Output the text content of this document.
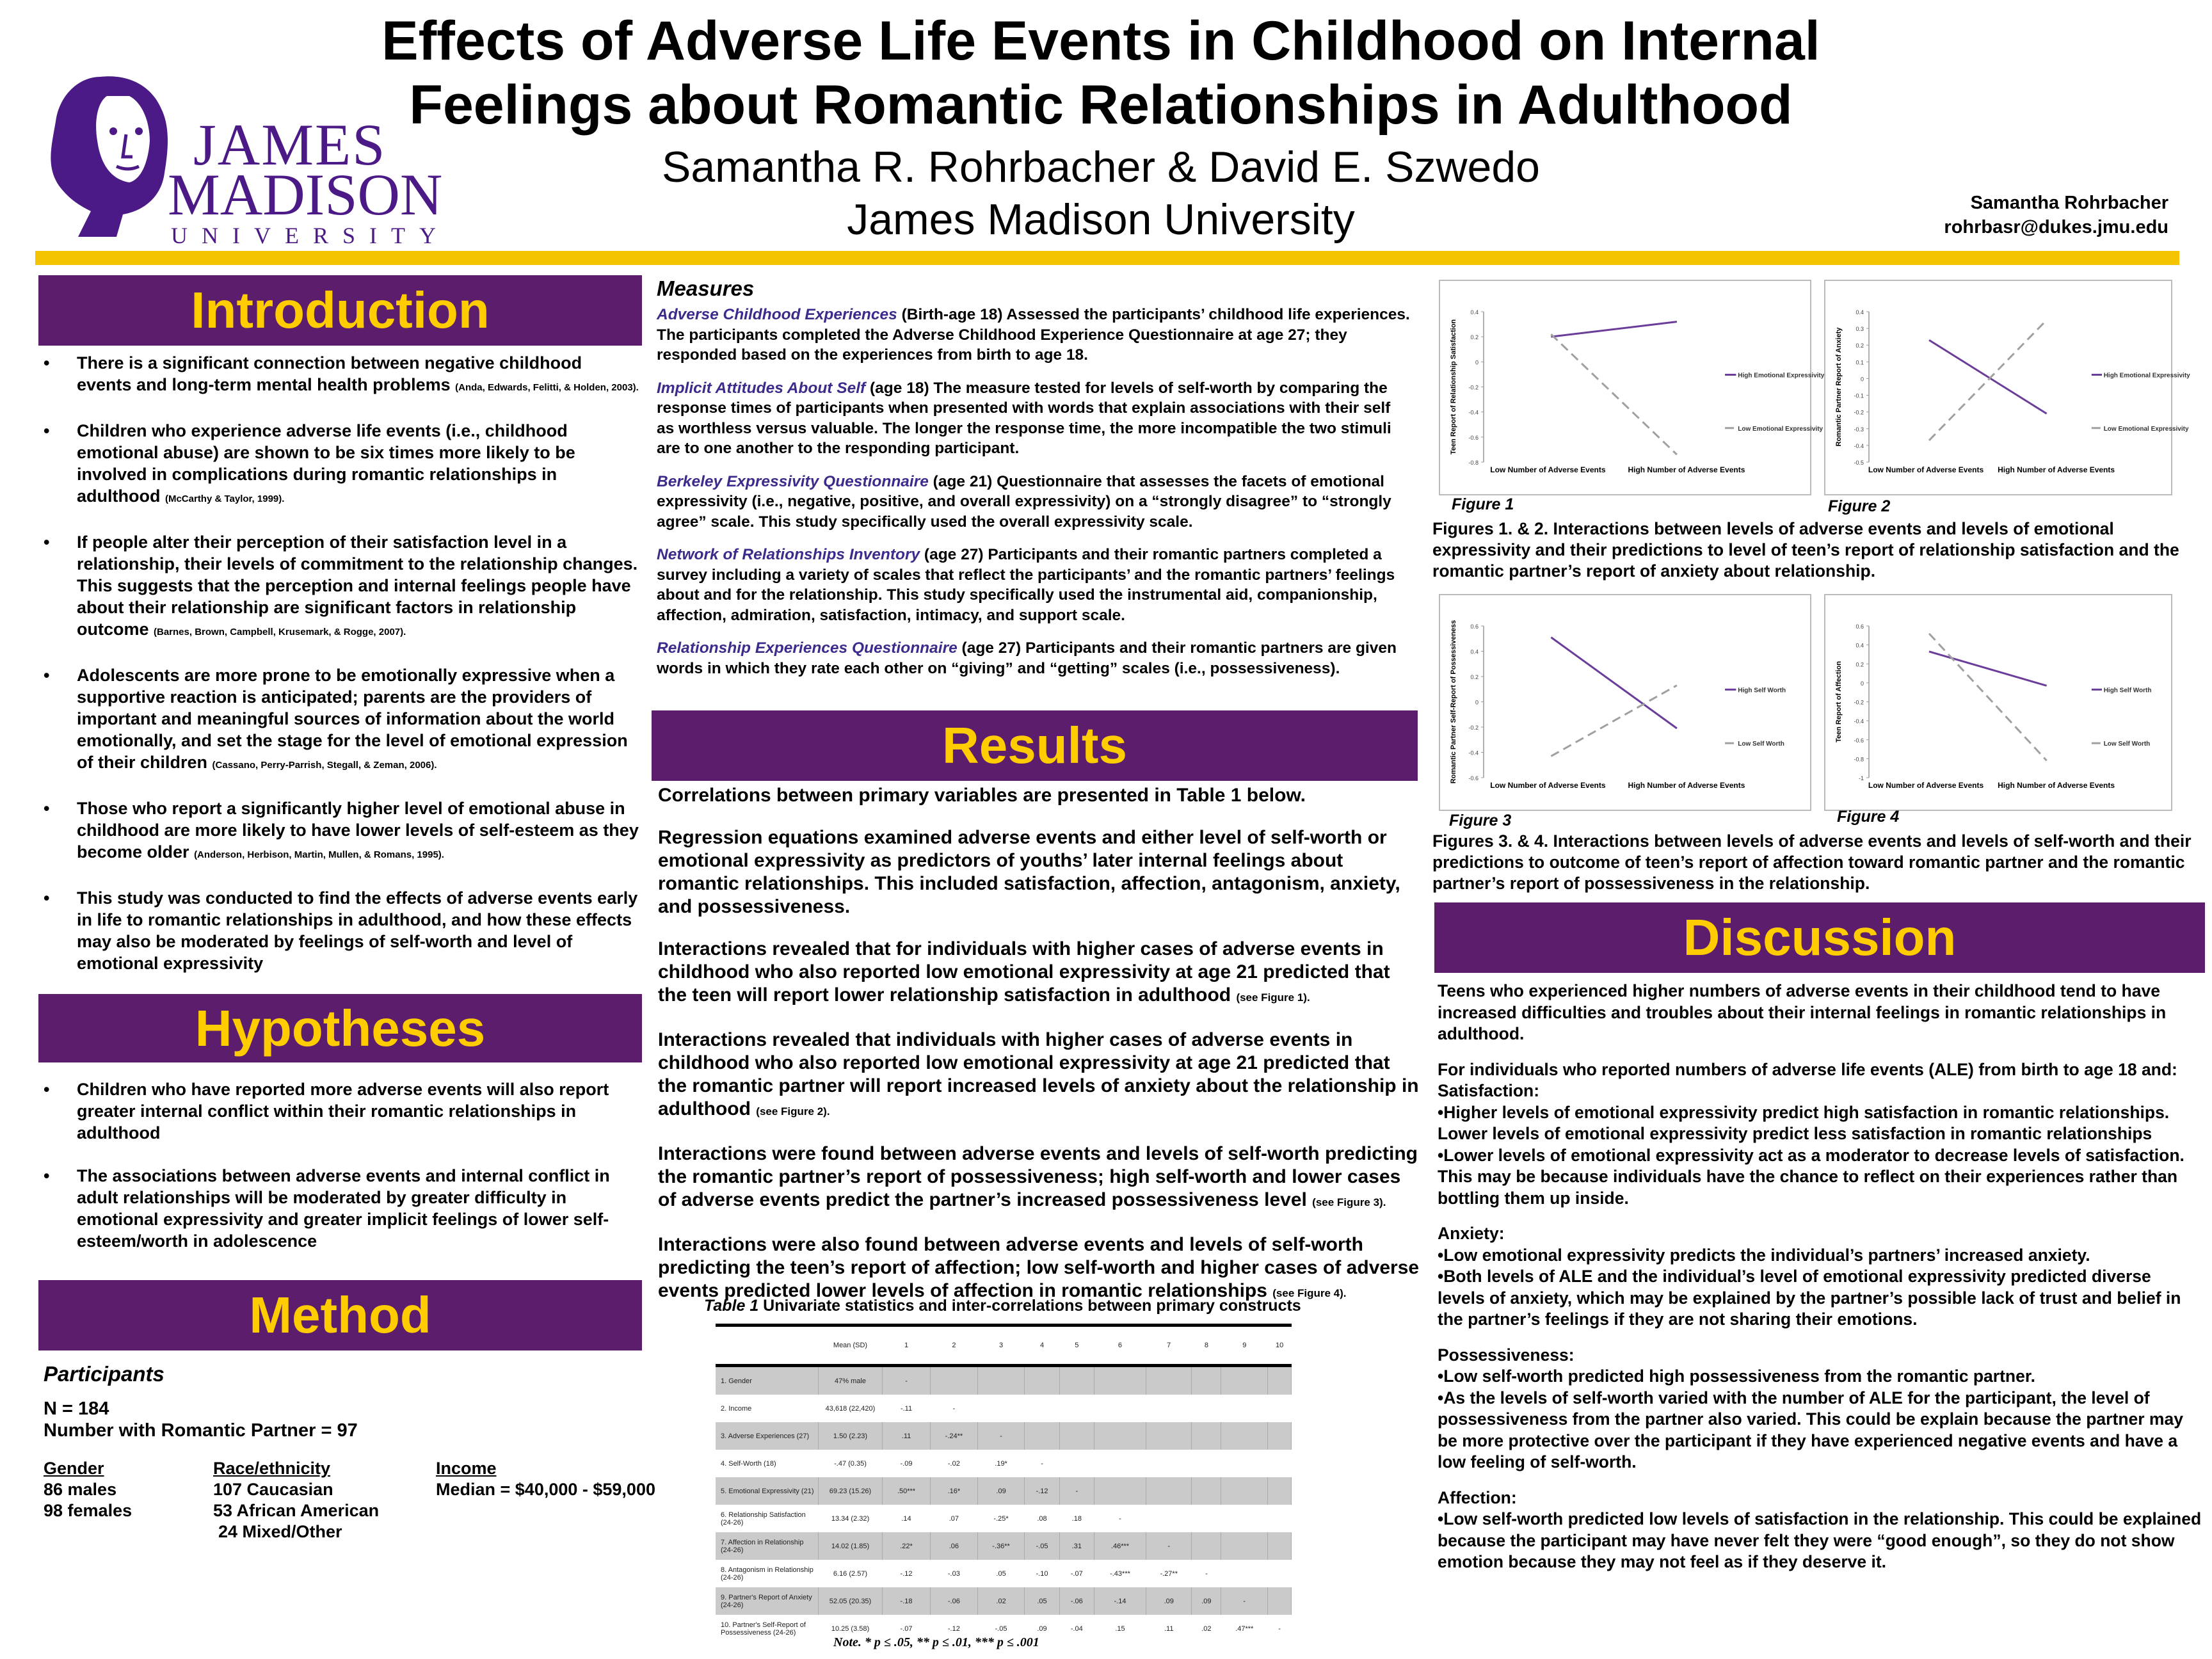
JAMES
MADISON
UNIVERSITY
Effects of Adverse Life Events in Childhood on Internal
Feelings about Romantic Relationships in Adulthood
Samantha R. Rohrbacher & David E. Szwedo
James Madison University	Samantha Rohrbacher
rohrbasr@dukes.jmu.edu
Introduction
• There is a significant connection between negative childhood events and long-term mental health problems (Anda, Edwards, Felitti, & Holden, 2003).
• Children who experience adverse life events (i.e., childhood emotional abuse) are shown to be six times more likely to be involved in complications during romantic relationships in adulthood (McCarthy & Taylor, 1999).
• If people alter their perception of their satisfaction level in a relationship, their levels of commitment to the relationship changes. This suggests that the perception and internal feelings people have about their relationship are significant factors in relationship outcome (Barnes, Brown, Campbell, Krusemark, & Rogge, 2007).
• Adolescents are more prone to be emotionally expressive when a supportive reaction is anticipated; parents are the providers of important and meaningful sources of information about the world emotionally, and set the stage for the level of emotional expression of their children (Cassano, Perry-Parrish, Stegall, & Zeman, 2006).
• Those who report a significantly higher level of emotional abuse in childhood are more likely to have lower levels of self-esteem as they become older (Anderson, Herbison, Martin, Mullen, & Romans, 1995).
• This study was conducted to find the effects of adverse events early in life to romantic relationships in adulthood, and how these effects may also be moderated by feelings of self-worth and level of emotional expressivity
Hypotheses
• Children who have reported more adverse events will also report greater internal conflict within their romantic relationships in adulthood
• The associations between adverse events and internal conflict in adult relationships will be moderated by greater difficulty in emotional expressivity and greater implicit feelings of lower self-esteem/worth in adolescence
Method
Participants
N = 184
Number with Romantic Partner = 97
Gender
86 males
98 females
Race/ethnicity
107 Caucasian
53 African American
24 Mixed/Other
Income
Median = $40,000 - $59,000
Measures

Adverse Childhood Experiences (Birth-age 18) Assessed the participants’ childhood life experiences. The participants completed the Adverse Childhood Experience Questionnaire at age 27; they responded based on the experiences from birth to age 18.

Implicit Attitudes About Self (age 18) The measure tested for levels of self-worth by comparing the response times of participants when presented with words that explain associations with their self as worthless versus valuable. The longer the response time, the more incompatible the two stimuli are to one another to the responding participant.

Berkeley Expressivity Questionnaire (age 21) Questionnaire that assesses the facets of emotional expressivity (i.e., negative, positive, and overall expressivity) on a “strongly disagree” to “strongly agree” scale. This study specifically used the overall expressivity scale.

Network of Relationships Inventory (age 27) Participants and their romantic partners completed a survey including a variety of scales that reflect the participants’ and the romantic partners’ feelings about and for the relationship. This study specifically used the instrumental aid, companionship, affection, admiration, satisfaction, intimacy, and support scale.

Relationship Experiences Questionnaire (age 27) Participants and their romantic partners are given words in which they rate each other on “giving” and “getting” scales (i.e., possessiveness).

Results

Correlations between primary variables are presented in Table 1 below.

Regression equations examined adverse events and either level of self-worth or emotional expressivity as predictors of youths’ later internal feelings about romantic relationships. This included satisfaction, affection, antagonism, anxiety, and possessiveness.

Interactions revealed that for individuals with higher cases of adverse events in childhood who also reported low emotional expressivity at age 21 predicted that the teen will report lower relationship satisfaction in adulthood (see Figure 1).

Interactions revealed that individuals with higher cases of adverse events in childhood who also reported low emotional expressivity at age 21 predicted that the romantic partner will report increased levels of anxiety about the relationship in adulthood (see Figure 2).

Interactions were found between adverse events and levels of self-worth predicting the romantic partner’s report of possessiveness; high self-worth and lower cases of adverse events predict the partner’s increased possessiveness level (see Figure 3).

Interactions were also found between adverse events and levels of self-worth predicting the teen’s report of affection; low self-worth and higher cases of adverse events predicted lower levels of affection in romantic relationships (see Figure 4).

Table 1 Univariate statistics and inter-correlations between primary constructs
	Mean (SD)	1	2	3	4	5	6	7	8	9	10
1. Gender	47% male	-									
2. Income	43,618 (22,420)	-.11	-								
3. Adverse Experiences (27)	1.50 (2.23)	.11	-.24**	-							
4. Self-Worth (18)	-.47 (0.35)	-.09	-.02	.19*	-						
5. Emotional Expressivity (21)	69.23 (15.26)	.50***	.16*	.09	-.12	-					
6. Relationship Satisfaction (24-26)	13.34 (2.32)	.14	.07	-.25*	.08	.18	-				
7. Affection in Relationship (24-26)	14.02 (1.85)	.22*	.06	-.36**	-.05	.31	.46***	-			
8. Antagonism in Relationship (24-26)	6.16 (2.57)	-.12	-.03	.05	-.10	-.07	-.43***	-.27**	-		
9. Partner's Report of Anxiety (24-26)	52.05 (20.35)	-.18	-.06	.02	.05	-.06	-.14	.09	.09	-	
10. Partner's Self-Report of Possessiveness (24-26)	10.25 (3.58)	-.07	-.12	-.05	.09	-.04	.15	.11	.02	.47***	-
Note. * p ≤ .05, ** p ≤ .01, *** p ≤ .001
0.4
0.2
0
-0.2
-0.4
-0.6
-0.8
Teen Report of Relationship Satisfaction
Low Number of Adverse Events	High Number of Adverse Events
High Emotional Expressivity
Low Emotional Expressivity
Figure 1
0.4
0.3
0.2
0.1
0
-0.1
-0.2
-0.3
-0.4
-0.5
Romantic Partner Report of Anxiety
Low Number of Adverse Events High Number of Adverse Events
High Emotional Expressivity
Low Emotional Expressivity
Figure 2
Figures 1. & 2. Interactions between levels of adverse events and levels of emotional expressivity and their predictions to level of teen’s report of relationship satisfaction and the romantic partner’s report of anxiety about relationship.
0.6
0.4
0.2
0
-0.2
-0.4
-0.6
Romantic Partner Self-Report of Possessiveness
Low Number of Adverse Events	High Number of Adverse Events
High Self Worth
Low Self Worth
Figure 3
0.6
0.4
0.2
0
-0.2
-0.4
-0.6
-0.8
-1
Teen Report of Affection
Low Number of Adverse Events High Number of Adverse Events
High Self Worth
Low Self Worth
Figure 4
Figures 3. & 4. Interactions between levels of adverse events and levels of self-worth and their predictions to outcome of teen’s report of affection toward romantic partner and the romantic partner’s report of possessiveness in the relationship.
Discussion

Teens who experienced higher numbers of adverse events in their childhood tend to have increased difficulties and troubles about their internal feelings in romantic relationships in adulthood.

For individuals who reported numbers of adverse life events (ALE) from birth to age 18 and:

Satisfaction:

•Higher levels of emotional expressivity predict high satisfaction in romantic relationships. Lower levels of emotional expressivity predict less satisfaction in romantic relationships

•Lower levels of emotional expressivity act as a moderator to decrease levels of satisfaction. This may be because individuals have the chance to reflect on their experiences rather than bottling them up inside.

Anxiety:

•Low emotional expressivity predicts the individual’s partners’ increased anxiety.

•Both levels of ALE and the individual’s level of emotional expressivity predicted diverse levels of anxiety, which may be explained by the partner’s possible lack of trust and belief in the partner’s feelings if they are not sharing their emotions.

Possessiveness:

•Low self-worth predicted high possessiveness from the romantic partner.

•As the levels of self-worth varied with the number of ALE for the participant, the level of possessiveness from the partner also varied. This could be explain because the partner may be more protective over the participant if they have experienced negative events and have a low feeling of self-worth.

Affection:

•Low self-worth predicted low levels of satisfaction in the relationship. This could be explained because the participant may have never felt they were “good enough”, so they do not show emotion because they may not feel as if they deserve it.
